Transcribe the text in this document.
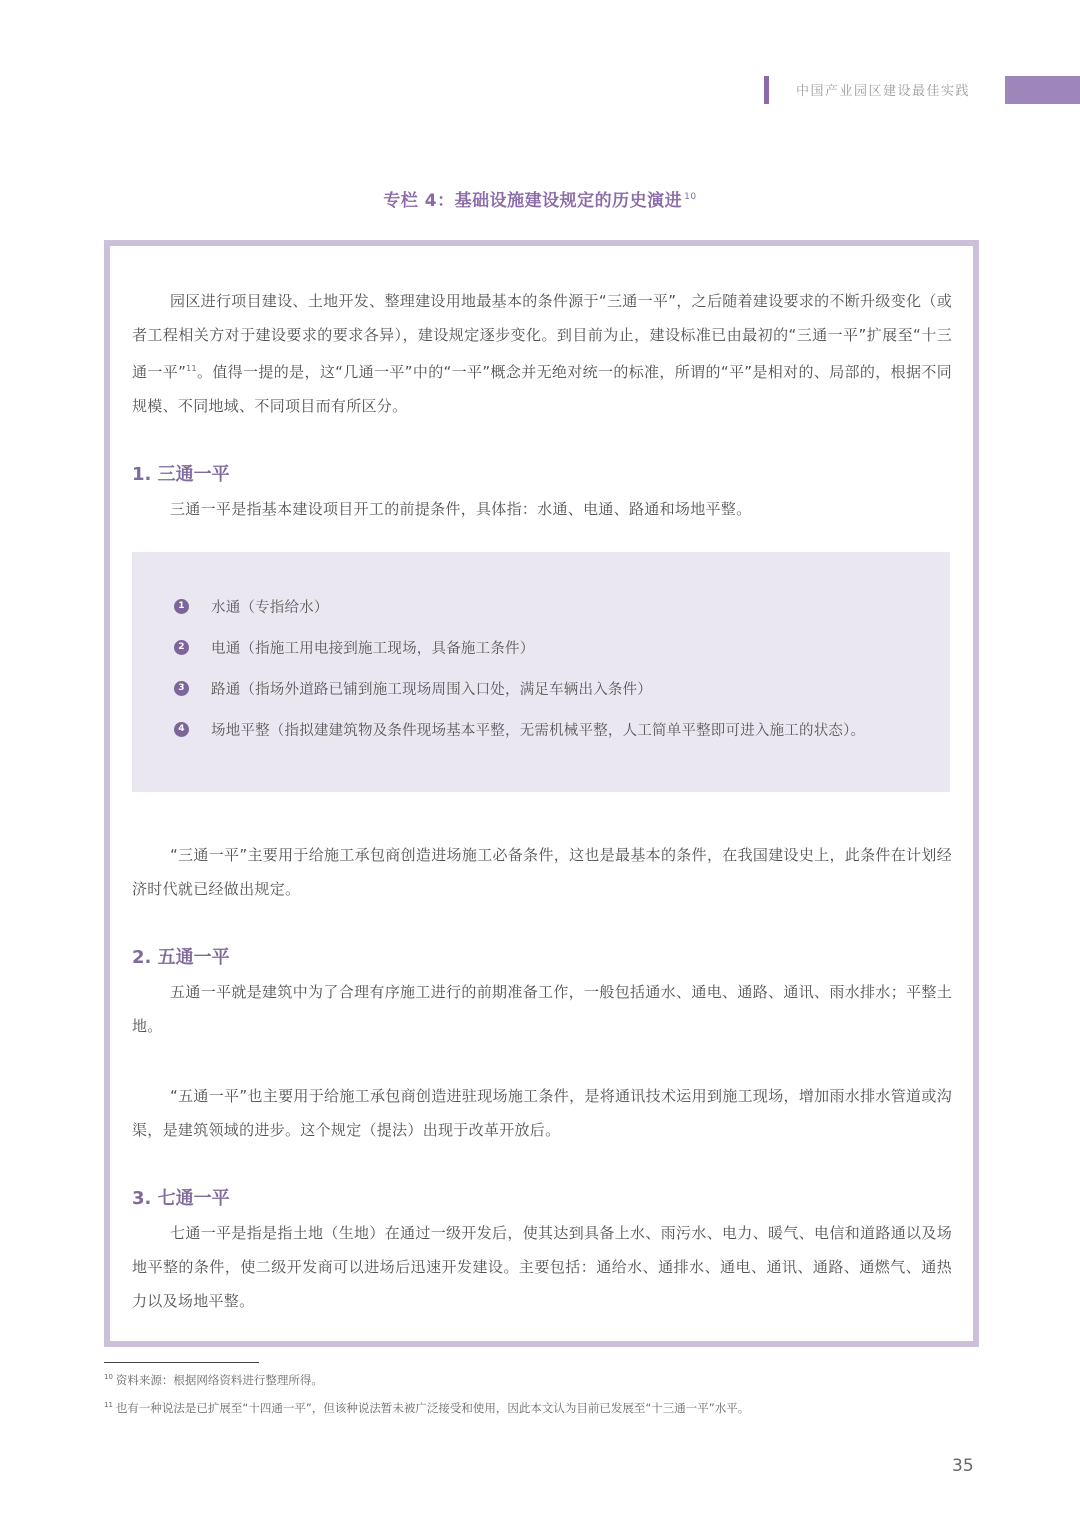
中国产业园区建设最佳实践
专栏 4：基础设施建设规定的历史演进 $^{10}$
园区进行项目建设、土地开发、整理建设用地最基本的条件源于“三通一平”，之后随着建设要求的不断升级变化（或者工程相关方对于建设要求的要求各异），建设规定逐步变化。到目前为止，建设标准已由最初的“三通一平”扩展至“十三通一平”$^{11}$。值得一提的是，这“几通一平”中的“一平”概念并无绝对统一的标准，所谓的“平”是相对的、局部的，根据不同规模、不同地域、不同项目而有所区分。
1. 三通一平
三通一平是指基本建设项目开工的前提条件，具体指：水通、电通、路通和场地平整。
1 水通（专指给水）
2 电通（指施工用电接到施工现场，具备施工条件）
3 路通（指场外道路已铺到施工现场周围入口处，满足车辆出入条件）
4 场地平整（指拟建建筑物及条件现场基本平整，无需机械平整，人工简单平整即可进入施工的状态）。
“三通一平”主要用于给施工承包商创造进场施工必备条件，这也是最基本的条件，在我国建设史上，此条件在计划经济时代就已经做出规定。
2. 五通一平
五通一平就是建筑中为了合理有序施工进行的前期准备工作，一般包括通水、通电、通路、通讯、雨水排水；平整土地。
“五通一平”也主要用于给施工承包商创造进驻现场施工条件，是将通讯技术运用到施工现场，增加雨水排水管道或沟渠，是建筑领域的进步。这个规定（提法）出现于改革开放后。
3. 七通一平
七通一平是指是指土地（生地）在通过一级开发后，使其达到具备上水、雨污水、电力、暖气、电信和道路通以及场地平整的条件，使二级开发商可以进场后迅速开发建设。主要包括：通给水、通排水、通电、通讯、通路、通燃气、通热力以及场地平整。
$^{10}$ 资料来源：根据网络资料进行整理所得。
$^{11}$ 也有一种说法是已扩展至“十四通一平”，但该种说法暂未被广泛接受和使用，因此本文认为目前已发展至“十三通一平”水平。
35
